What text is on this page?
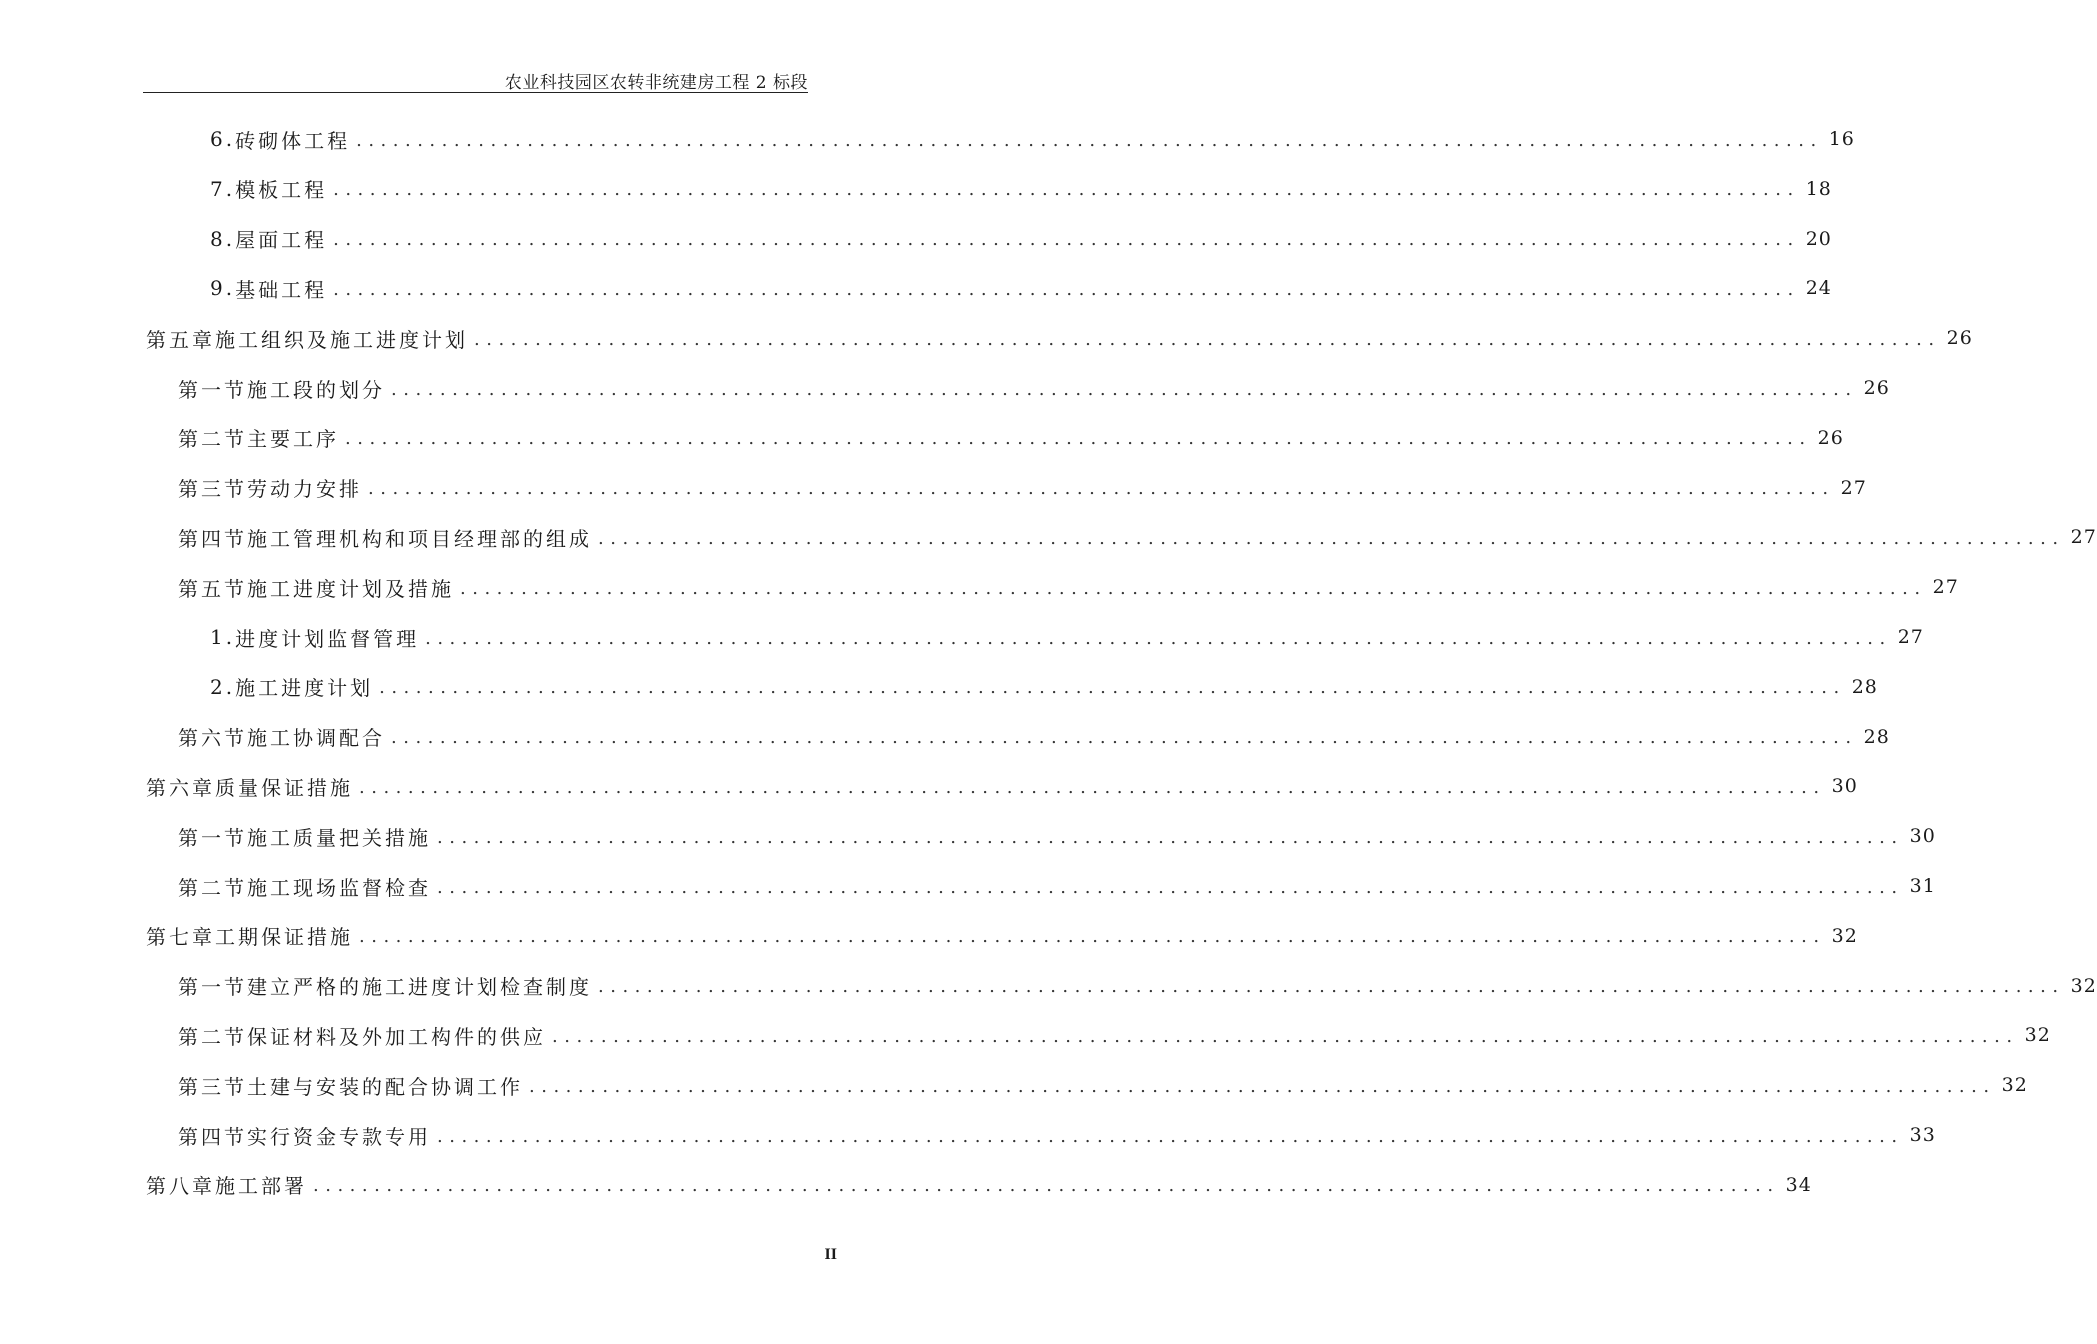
农业科技园区农转非统建房工程 2 标段
6. 砖砌体工程 ........................................................................................................................ 16
7. 模板工程 ........................................................................................................................ 18
8. 屋面工程 ........................................................................................................................ 20
9. 基础工程 ........................................................................................................................ 24
第五章 施工组织及施工进度计划 ........................................................................................................................ 26
第一节 施工段的划分 ........................................................................................................................ 26
第二节 主要工序 ........................................................................................................................ 26
第三节 劳动力安排 ........................................................................................................................ 27
第四节 施工管理机构和项目经理部的组成 ........................................................................................................................ 27
第五节 施工进度计划及措施 ........................................................................................................................ 27
1. 进度计划监督管理 ........................................................................................................................ 27
2. 施工进度计划 ........................................................................................................................ 28
第六节 施工协调配合 ........................................................................................................................ 28
第六章 质量保证措施 ........................................................................................................................ 30
第一节 施工质量把关措施 ........................................................................................................................ 30
第二节 施工现场监督检查 ........................................................................................................................ 31
第七章 工期保证措施 ........................................................................................................................ 32
第一节 建立严格的施工进度计划检查制度 ........................................................................................................................ 32
第二节 保证材料及外加工构件的供应 ........................................................................................................................ 32
第三节 土建与安装的配合协调工作 ........................................................................................................................ 32
第四节 实行资金专款专用 ........................................................................................................................ 33
第八章 施工部署 ........................................................................................................................ 34
II
